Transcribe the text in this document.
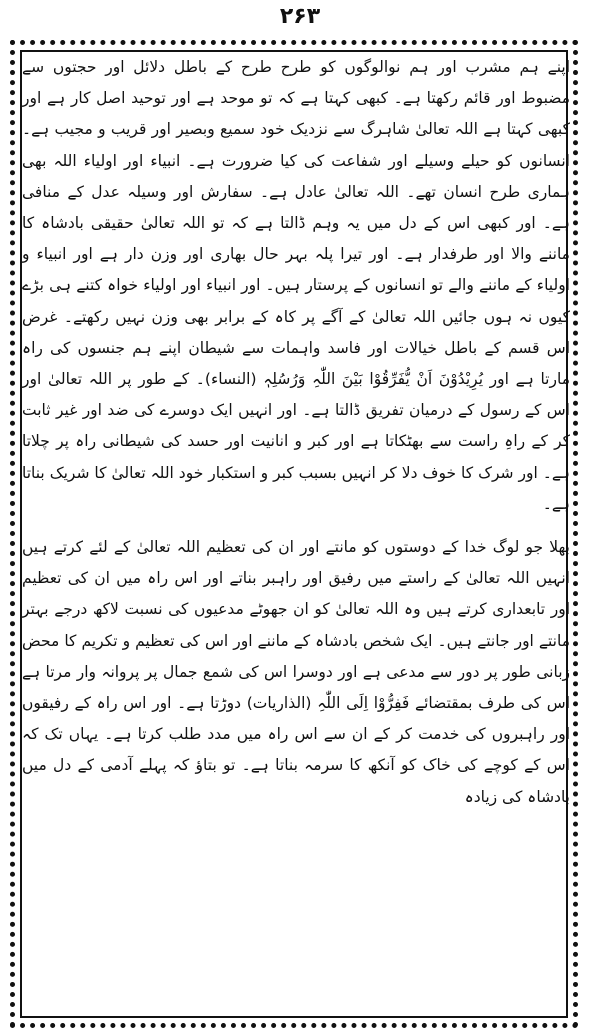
۲۶۳

اپنے ہم مشرب اور ہم نوالوگوں کو طرح طرح کے باطل دلائل اور حجتوں سے مضبوط اور قائم رکھتا ہے۔ کبھی کہتا ہے کہ تو موحد ہے اور توحید اصل کار ہے اور کبھی کہتا ہے اللہ تعالیٰ شاہرگ سے نزدیک خود سمیع وبصیر اور قریب و مجیب ہے۔ انسانوں کو حیلے وسیلے اور شفاعت کی کیا ضرورت ہے۔ انبیاء اور اولیاء اللہ بھی ہماری طرح انسان تھے۔ اللہ تعالیٰ عادل ہے۔ سفارش اور وسیلہ عدل کے منافی ہے۔ اور کبھی اس کے دل میں یہ وہم ڈالتا ہے کہ تو اللہ تعالیٰ حقیقی بادشاہ کا ماننے والا اور طرفدار ہے۔ اور تیرا پلہ بہر حال بھاری اور وزن دار ہے اور انبیاء و اولیاء کے ماننے والے تو انسانوں کے پرستار ہیں۔ اور انبیاء اور اولیاء خواہ کتنے ہی بڑے کیوں نہ ہوں جائیں اللہ تعالیٰ کے آگے پر کاہ کے برابر بھی وزن نہیں رکھتے۔ غرض اس قسم کے باطل خیالات اور فاسد واہمات سے شیطان اپنے ہم جنسوں کی راہ مارتا ہے اور یُرِیْدُوْنَ اَنْ یُّفَرِّقُوْا بَیْنَ اللّٰہِ وَرُسُلِہٖ (النساء)۔ کے طور پر اللہ تعالیٰ اور اس کے رسول کے درمیان تفریق ڈالتا ہے۔ اور انہیں ایک دوسرے کی ضد اور غیر ثابت کر کے راہِ راست سے بھٹکاتا ہے اور کبر و انانیت اور حسد کی شیطانی راہ پر چلاتا ہے۔ اور شرک کا خوف دلا کر انہیں بسبب کبر و استکبار خود اللہ تعالیٰ کا شریک بناتا ہے۔

بھلا جو لوگ خدا کے دوستوں کو مانتے اور ان کی تعظیم اللہ تعالیٰ کے لئے کرتے ہیں انہیں اللہ تعالیٰ کے راستے میں رفیق اور راہبر بناتے اور اس راہ میں ان کی تعظیم اور تابعداری کرتے ہیں وہ اللہ تعالیٰ کو ان جھوٹے مدعیوں کی نسبت لاکھ درجے بہتر مانتے اور جانتے ہیں۔ ایک شخص بادشاہ کے ماننے اور اس کی تعظیم و تکریم کا محض زبانی طور پر دور سے مدعی ہے اور دوسرا اس کی شمع جمال پر پروانہ وار مرتا ہے اس کی طرف بمقتضائے فَفِرُّوْا اِلَی اللّٰہِ (الذاریات) دوڑتا ہے۔ اور اس راہ کے رفیقوں اور راہبروں کی خدمت کر کے ان سے اس راہ میں مدد طلب کرتا ہے۔ یہاں تک کہ اس کے کوچے کی خاک کو آنکھ کا سرمہ بناتا ہے۔ تو بتاؤ کہ پہلے آدمی کے دل میں بادشاہ کی زیادہ
